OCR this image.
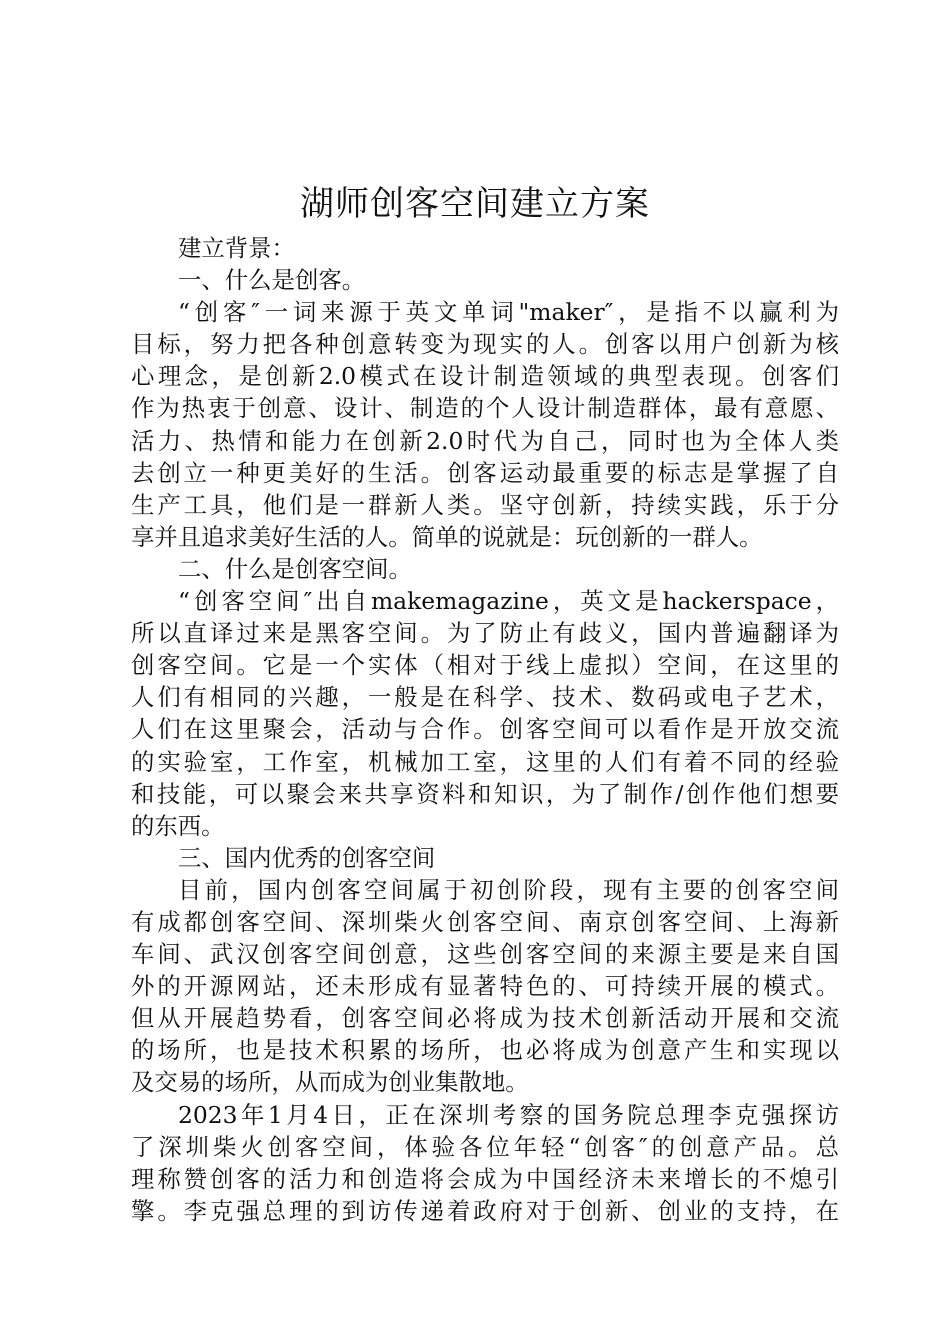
湖师创客空间建立方案
建立背景：
一、什么是创客。
“创客″一词来源于英文单词"maker″，是指不以赢利为
目标，努力把各种创意转变为现实的人。创客以用户创新为核
心理念，是创新2.0模式在设计制造领域的典型表现。创客们
作为热衷于创意、设计、制造的个人设计制造群体，最有意愿、
活力、热情和能力在创新2.0时代为自己，同时也为全体人类
去创立一种更美好的生活。创客运动最重要的标志是掌握了自
生产工具，他们是一群新人类。坚守创新，持续实践，乐于分
享并且追求美好生活的人。简单的说就是：玩创新的一群人。
二、什么是创客空间。
“创客空间″出自makemagazine，英文是hackerspace，
所以直译过来是黑客空间。为了防止有歧义，国内普遍翻译为
创客空间。它是一个实体（相对于线上虚拟）空间，在这里的
人们有相同的兴趣，一般是在科学、技术、数码或电子艺术，
人们在这里聚会，活动与合作。创客空间可以看作是开放交流
的实验室，工作室，机械加工室，这里的人们有着不同的经验
和技能，可以聚会来共享资料和知识，为了制作/创作他们想要
的东西。
三、国内优秀的创客空间
目前，国内创客空间属于初创阶段，现有主要的创客空间
有成都创客空间、深圳柴火创客空间、南京创客空间、上海新
车间、武汉创客空间创意，这些创客空间的来源主要是来自国
外的开源网站，还未形成有显著特色的、可持续开展的模式。
但从开展趋势看，创客空间必将成为技术创新活动开展和交流
的场所，也是技术积累的场所，也必将成为创意产生和实现以
及交易的场所，从而成为创业集散地。
2023年1月4日，正在深圳考察的国务院总理李克强探访
了深圳柴火创客空间，体验各位年轻“创客″的创意产品。总
理称赞创客的活力和创造将会成为中国经济未来增长的不熄引
擎。李克强总理的到访传递着政府对于创新、创业的支持，在
